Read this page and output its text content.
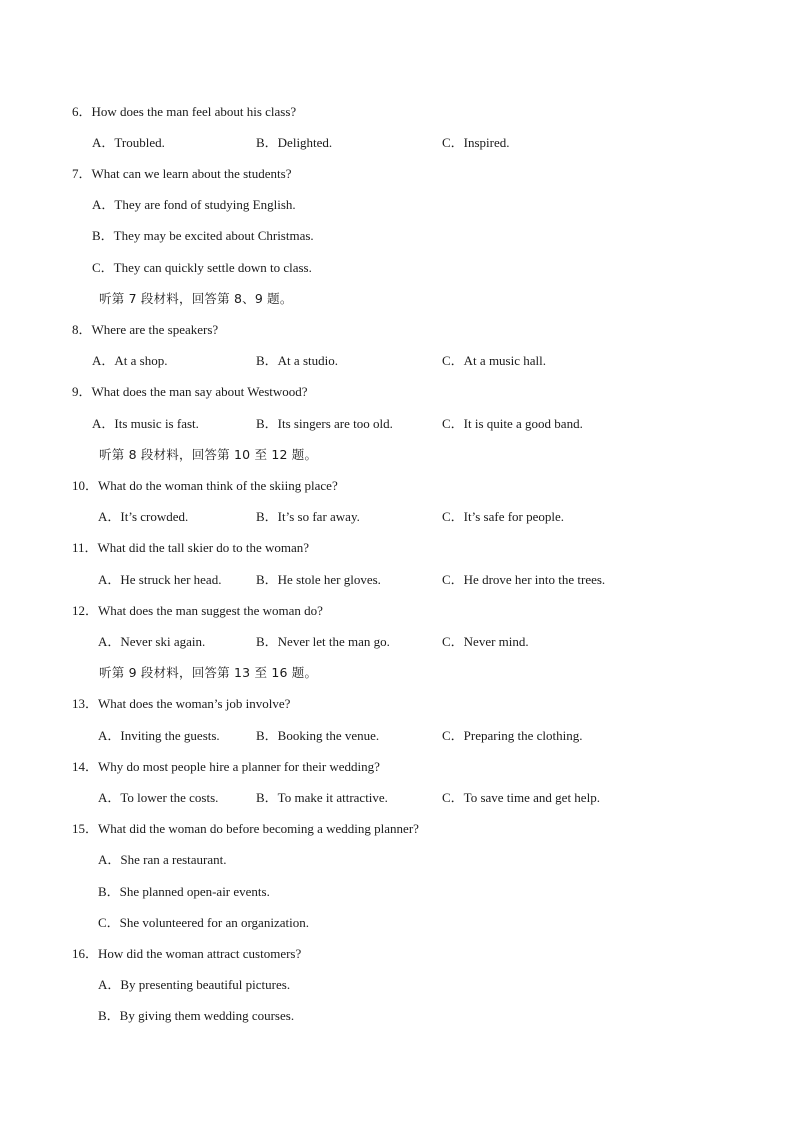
6．How does the man feel about his class?
A．Troubled.	B．Delighted.	C．Inspired.
7．What can we learn about the students?
A．They are fond of studying English.
B．They may be excited about Christmas.
C．They can quickly settle down to class.
听第 7 段材料，回答第 8、9 题。
8．Where are the speakers?
A．At a shop.	B．At a studio.	C．At a music hall.
9．What does the man say about Westwood?
A．Its music is fast.	B．Its singers are too old.	C．It is quite a good band.
听第 8 段材料，回答第 10 至 12 题。
10．What do the woman think of the skiing place?
A．It’s crowded.	B．It’s so far away.	C．It’s safe for people.
11．What did the tall skier do to the woman?
A．He struck her head.	B．He stole her gloves.	C．He drove her into the trees.
12．What does the man suggest the woman do?
A．Never ski again.	B．Never let the man go.	C．Never mind.
听第 9 段材料，回答第 13 至 16 题。
13．What does the woman’s job involve?
A．Inviting the guests.	B．Booking the venue.	C．Preparing the clothing.
14．Why do most people hire a planner for their wedding?
A．To lower the costs.	B．To make it attractive.	C．To save time and get help.
15．What did the woman do before becoming a wedding planner?
A．She ran a restaurant.
B．She planned open-air events.
C．She volunteered for an organization.
16．How did the woman attract customers?
A．By presenting beautiful pictures.
B．By giving them wedding courses.
